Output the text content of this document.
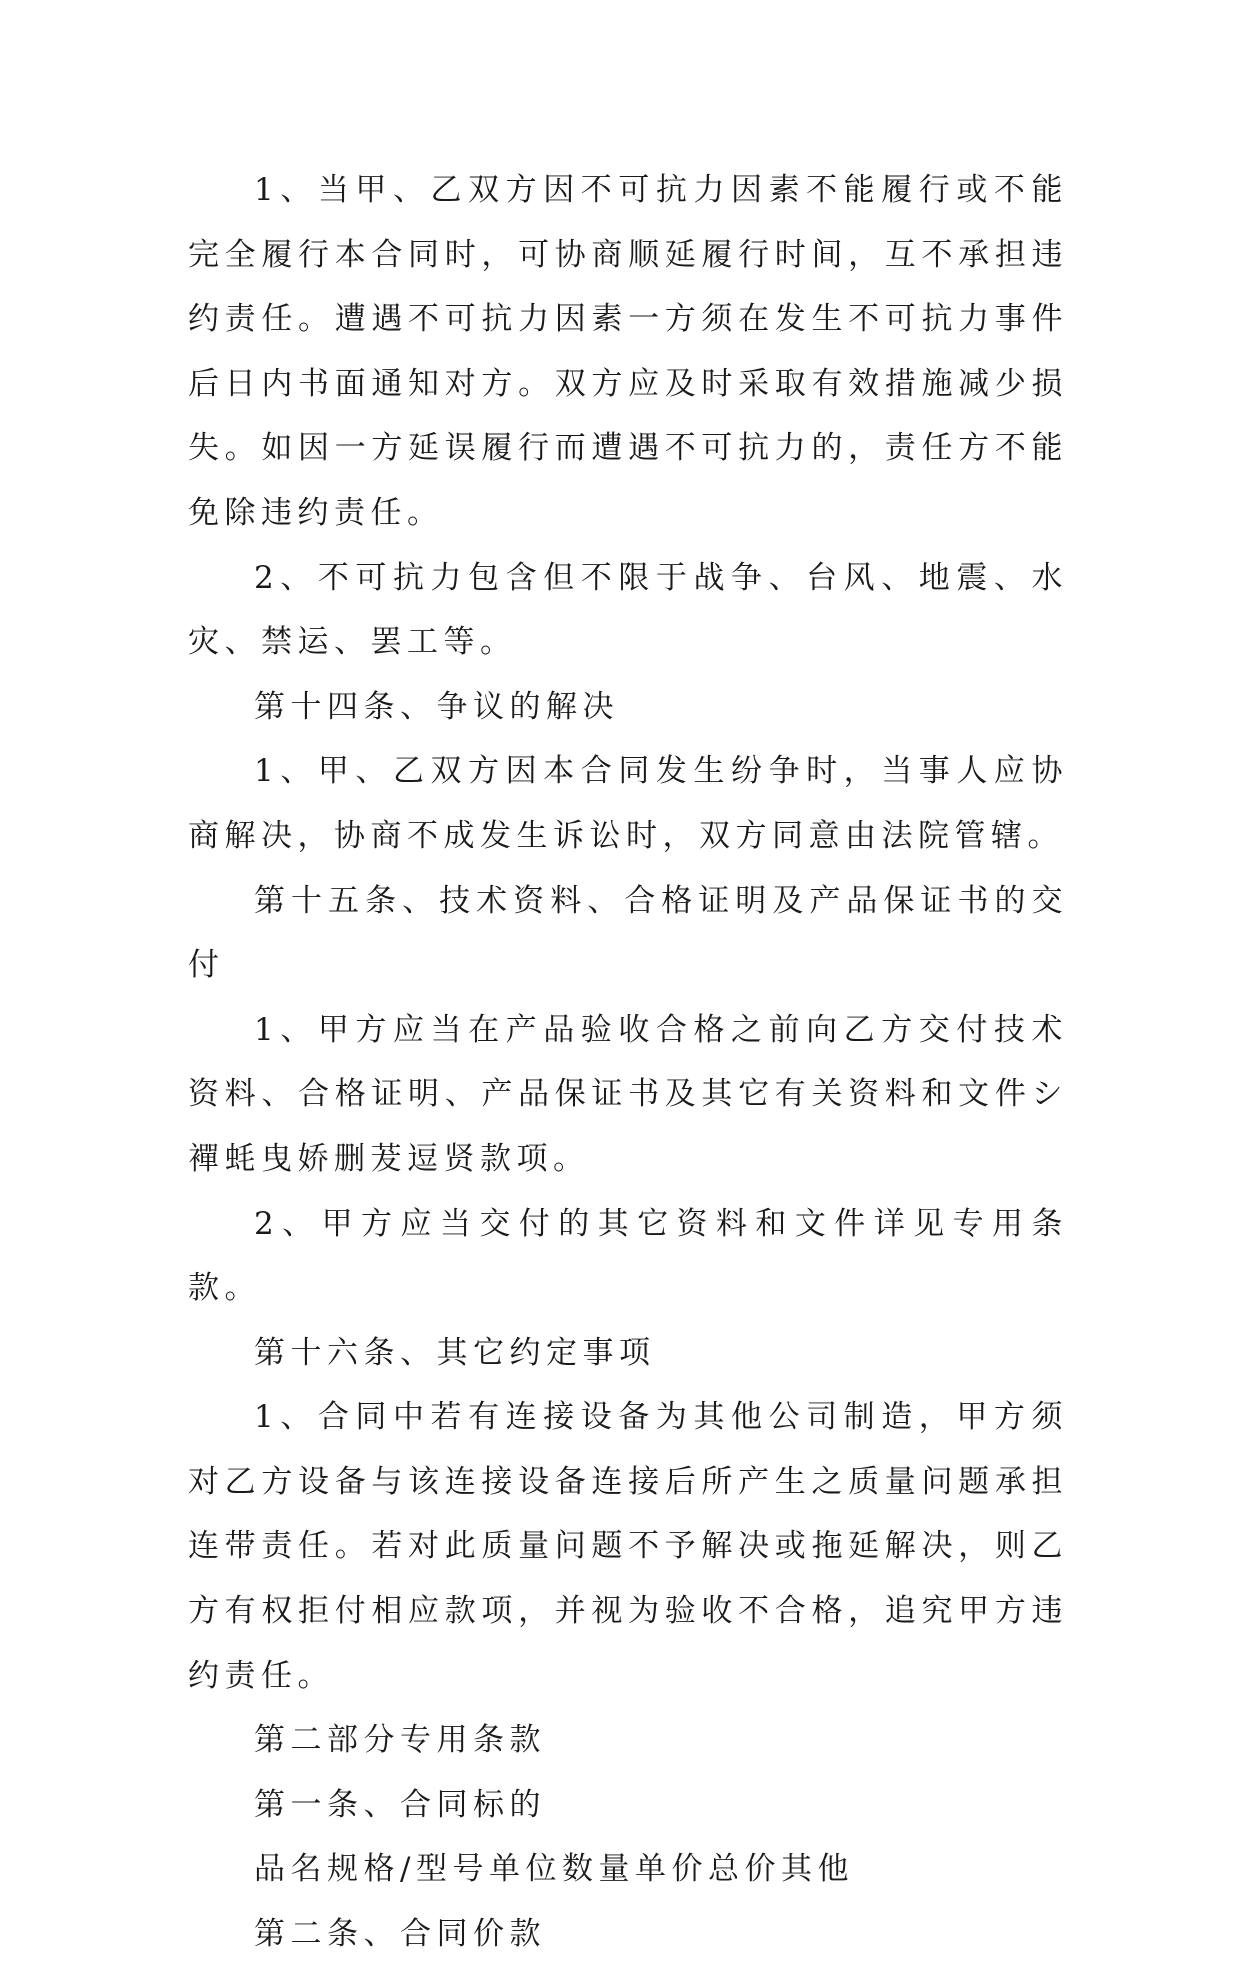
1、当甲、乙双方因不可抗力因素不能履行或不能完全履行本合同时，可协商顺延履行时间，互不承担违约责任。遭遇不可抗力因素一方须在发生不可抗力事件后日内书面通知对方。双方应及时采取有效措施减少损失。如因一方延误履行而遭遇不可抗力的，责任方不能免除违约责任。

2、不可抗力包含但不限于战争、台风、地震、水灾、禁运、罢工等。

第十四条、争议的解决

1、甲、乙双方因本合同发生纷争时，当事人应协商解决，协商不成发生诉讼时，双方同意由法院管辖。

第十五条、技术资料、合格证明及产品保证书的交付

1、甲方应当在产品验收合格之前向乙方交付技术资料、合格证明、产品保证书及其它有关资料和文件シ襌蚝曳娇删茇逗贤款项。

2、甲方应当交付的其它资料和文件详见专用条款。

第十六条、其它约定事项

1、合同中若有连接设备为其他公司制造，甲方须对乙方设备与该连接设备连接后所产生之质量问题承担连带责任。若对此质量问题不予解决或拖延解决，则乙方有权拒付相应款项，并视为验收不合格，追究甲方违约责任。

第二部分专用条款

第一条、合同标的

品名规格/型号单位数量单价总价其他

第二条、合同价款
